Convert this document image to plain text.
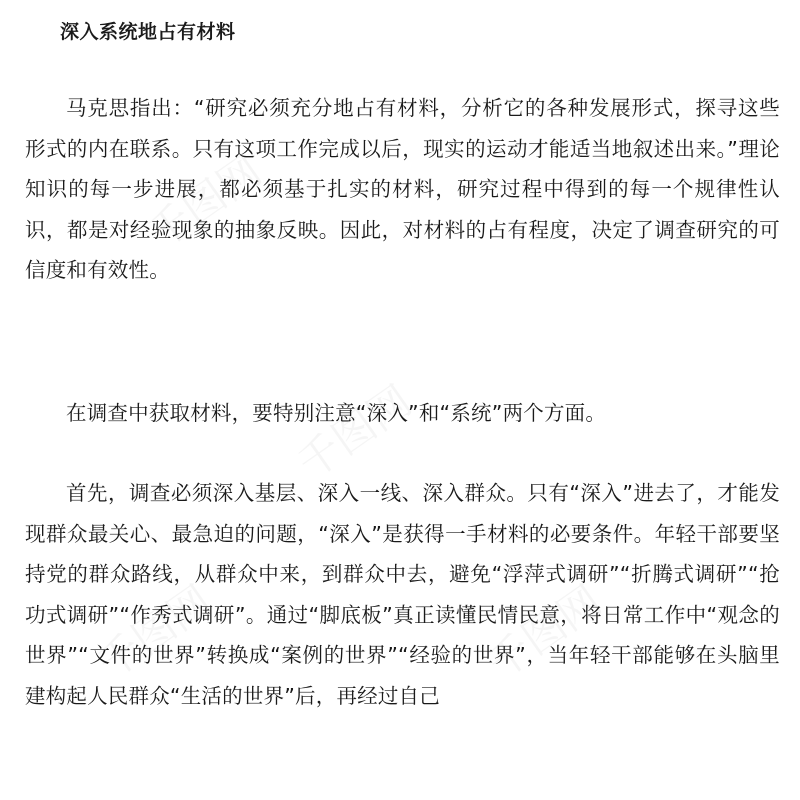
千图网
千图网
千图网	千图网
深入系统地占有材料

马克思指出：“研究必须充分地占有材料，分析它的各种发展形式，探寻这些形式的内在联系。只有这项工作完成以后，现实的运动才能适当地叙述出来。”理论知识的每一步进展，都必须基于扎实的材料，研究过程中得到的每一个规律性认识，都是对经验现象的抽象反映。因此，对材料的占有程度，决定了调查研究的可信度和有效性。

在调查中获取材料，要特别注意“深入”和“系统”两个方面。

首先，调查必须深入基层、深入一线、深入群众。只有“深入”进去了，才能发现群众最关心、最急迫的问题，“深入”是获得一手材料的必要条件。年轻干部要坚持党的群众路线，从群众中来，到群众中去，避免“浮萍式调研”“折腾式调研”“抢功式调研”“作秀式调研”。通过“脚底板”真正读懂民情民意，将日常工作中“观念的世界”“文件的世界”转换成“案例的世界”“经验的世界”，当年轻干部能够在头脑里建构起人民群众“生活的世界”后，再经过自己
